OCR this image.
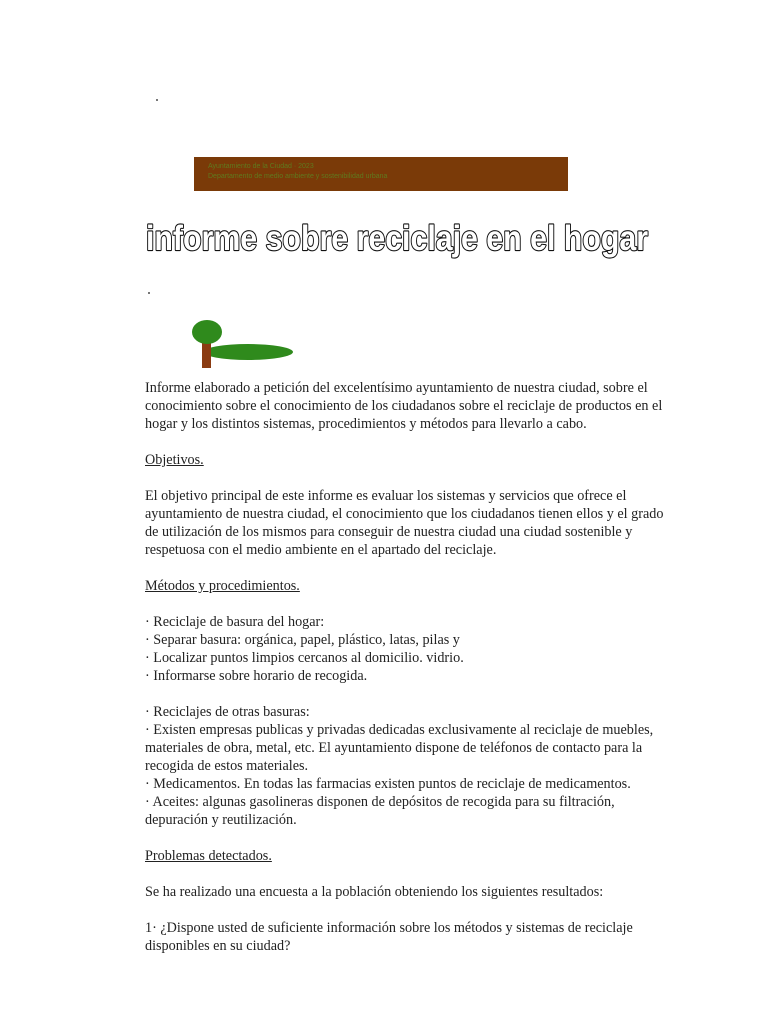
Ayuntamiento de la Ciudad · 2023
Departamento de medio ambiente y sostenibilidad urbana
informe sobre reciclaje en el hogar

Informe elaborado a petición del excelentísimo ayuntamiento de nuestra ciudad, sobre el conocimiento sobre el conocimiento de los ciudadanos sobre el reciclaje de productos en el hogar y los distintos sistemas, procedimientos y métodos para llevarlo a cabo.

Objetivos.

El objetivo principal de este informe es evaluar los sistemas y servicios que ofrece el ayuntamiento de nuestra ciudad, el conocimiento que los ciudadanos tienen ellos y el grado de utilización de los mismos para conseguir de nuestra ciudad una ciudad sostenible y respetuosa con el medio ambiente en el apartado del reciclaje.

Métodos y procedimientos.

· Reciclaje de basura del hogar:

· Separar basura: orgánica, papel, plástico, latas, pilas y

· Localizar puntos limpios cercanos al domicilio. vidrio.

· Informarse sobre horario de recogida.

· Reciclajes de otras basuras:

· Existen empresas publicas y privadas dedicadas exclusivamente al reciclaje de muebles, materiales de obra, metal, etc. El ayuntamiento dispone de teléfonos de contacto para la recogida de estos materiales.

· Medicamentos. En todas las farmacias existen puntos de reciclaje de medicamentos.

· Aceites: algunas gasolineras disponen de depósitos de recogida para su filtración, depuración y reutilización.

Problemas detectados.

Se ha realizado una encuesta a la población obteniendo los siguientes resultados:

1· ¿Dispone usted de suficiente información sobre los métodos y sistemas de reciclaje disponibles en su ciudad?
